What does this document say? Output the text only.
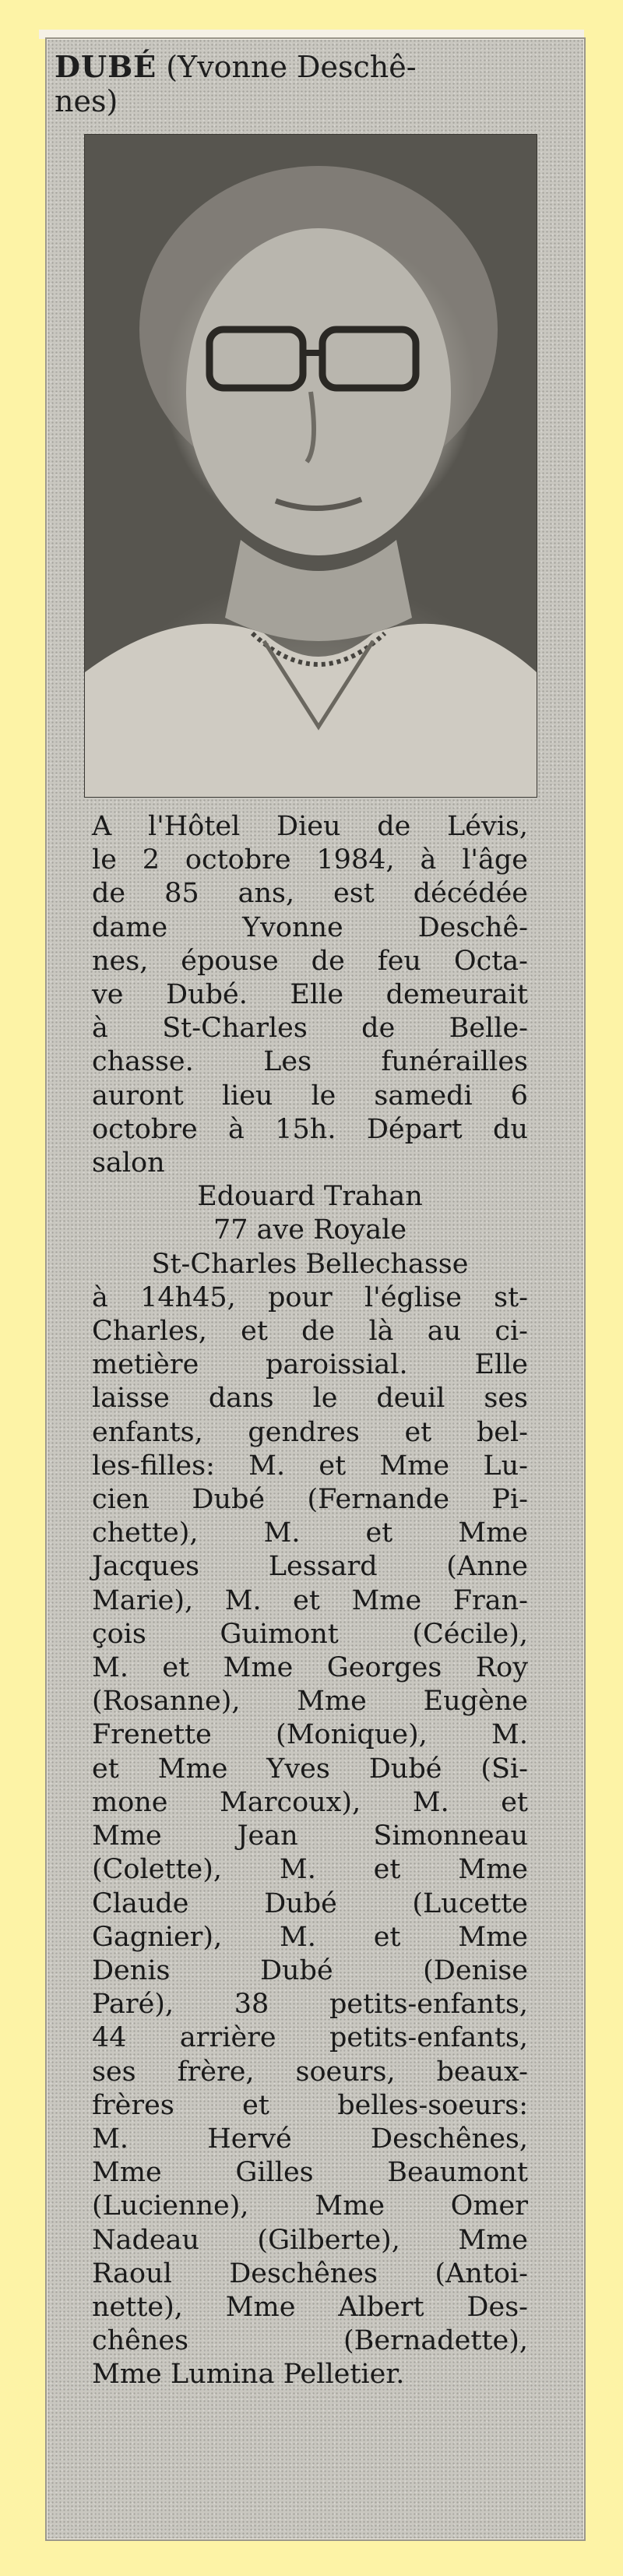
DUBÉ (Yvonne Deschê-
nes)
A l'Hôtel Dieu de Lévis,
le 2 octobre 1984, à l'âge
de 85 ans, est décédée
dame Yvonne Deschê-
nes, épouse de feu Octa-
ve Dubé. Elle demeurait
à St-Charles de Belle-
chasse. Les funérailles
auront lieu le samedi 6
octobre à 15h. Départ du
salon
Edouard Trahan
77 ave Royale
St-Charles Bellechasse
à 14h45, pour l'église st-
Charles, et de là au ci-
metière paroissial. Elle
laisse dans le deuil ses
enfants, gendres et bel-
les-filles: M. et Mme Lu-
cien Dubé (Fernande Pi-
chette), M. et Mme
Jacques Lessard (Anne
Marie), M. et Mme Fran-
çois Guimont (Cécile),
M. et Mme Georges Roy
(Rosanne), Mme Eugène
Frenette (Monique), M.
et Mme Yves Dubé (Si-
mone Marcoux), M. et
Mme Jean Simonneau
(Colette), M. et Mme
Claude Dubé (Lucette
Gagnier), M. et Mme
Denis Dubé (Denise
Paré), 38 petits-enfants,
44 arrière petits-enfants,
ses frère, soeurs, beaux-
frères et belles-soeurs:
M. Hervé Deschênes,
Mme Gilles Beaumont
(Lucienne), Mme Omer
Nadeau (Gilberte), Mme
Raoul Deschênes (Antoi-
nette), Mme Albert Des-
chênes (Bernadette),
Mme Lumina Pelletier.
